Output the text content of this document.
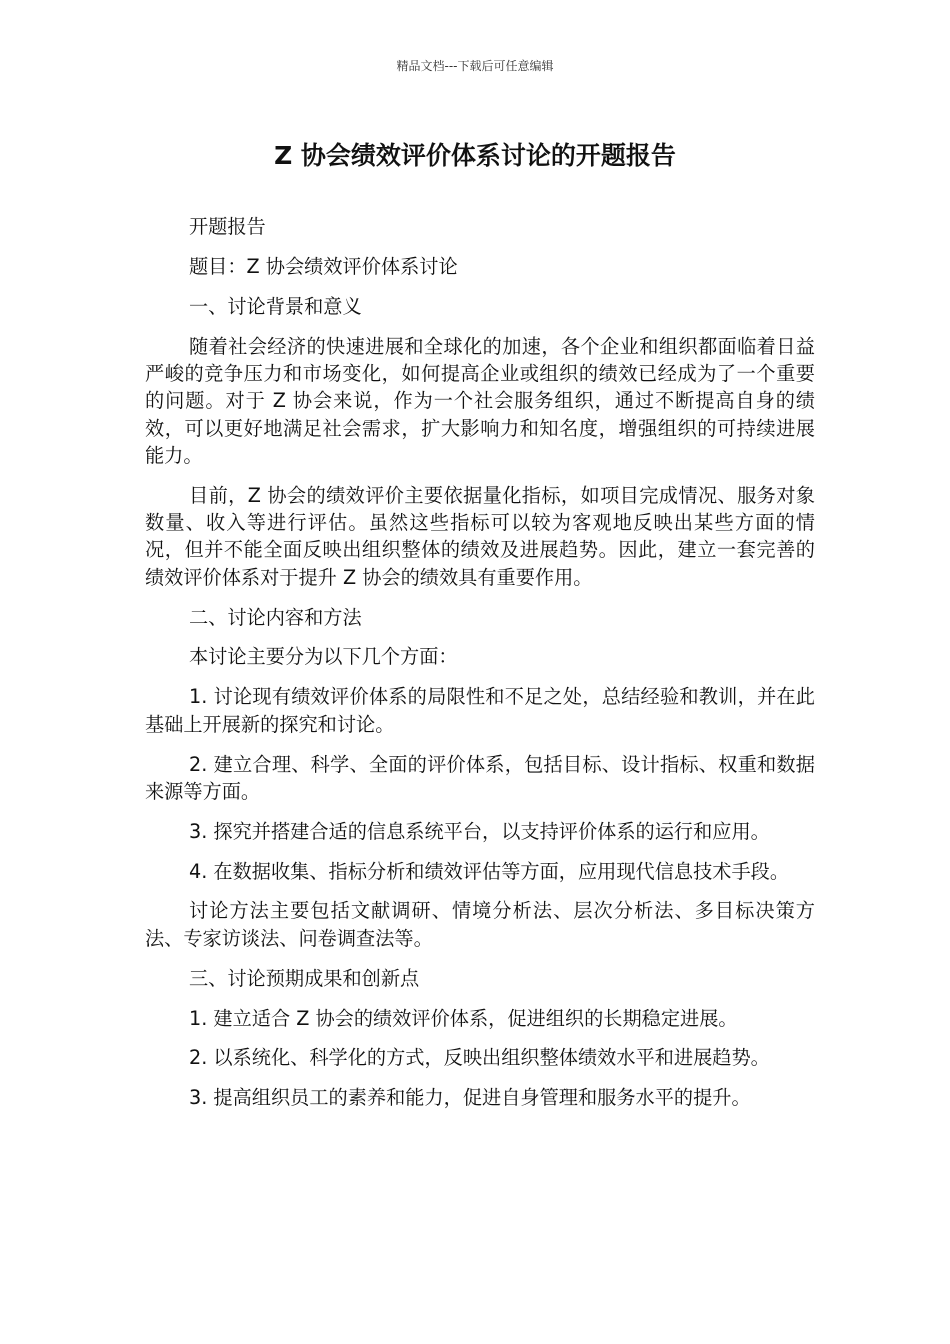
精品文档---下载后可任意编辑
Z 协会绩效评价体系讨论的开题报告

开题报告

题目：Z 协会绩效评价体系讨论

一、讨论背景和意义

随着社会经济的快速进展和全球化的加速，各个企业和组织都面临着日益严峻的竞争压力和市场变化，如何提高企业或组织的绩效已经成为了一个重要的问题。对于 Z 协会来说，作为一个社会服务组织，通过不断提高自身的绩效，可以更好地满足社会需求，扩大影响力和知名度，增强组织的可持续进展能力。

目前，Z 协会的绩效评价主要依据量化指标，如项目完成情况、服务对象数量、收入等进行评估。虽然这些指标可以较为客观地反映出某些方面的情况，但并不能全面反映出组织整体的绩效及进展趋势。因此，建立一套完善的绩效评价体系对于提升 Z 协会的绩效具有重要作用。

二、讨论内容和方法

本讨论主要分为以下几个方面：

1. 讨论现有绩效评价体系的局限性和不足之处，总结经验和教训，并在此基础上开展新的探究和讨论。

2. 建立合理、科学、全面的评价体系，包括目标、设计指标、权重和数据来源等方面。

3. 探究并搭建合适的信息系统平台，以支持评价体系的运行和应用。

4. 在数据收集、指标分析和绩效评估等方面，应用现代信息技术手段。

讨论方法主要包括文献调研、情境分析法、层次分析法、多目标决策方法、专家访谈法、问卷调查法等。

三、讨论预期成果和创新点

1. 建立适合 Z 协会的绩效评价体系，促进组织的长期稳定进展。

2. 以系统化、科学化的方式，反映出组织整体绩效水平和进展趋势。

3. 提高组织员工的素养和能力，促进自身管理和服务水平的提升。
